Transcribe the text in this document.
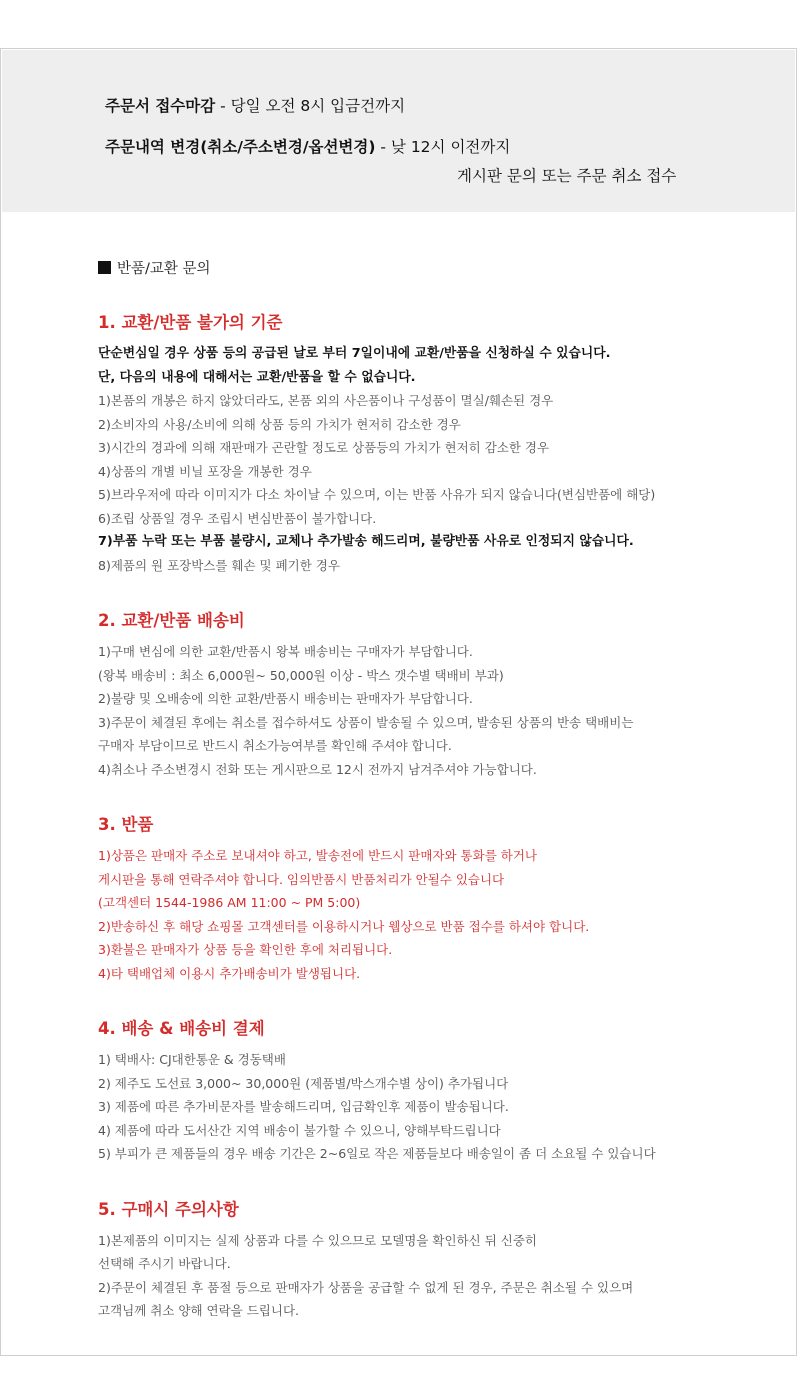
주문서 접수마감 - 당일 오전 8시 입금건까지
주문내역 변경(취소/주소변경/옵션변경) - 낮 12시 이전까지
게시판 문의 또는 주문 취소 접수
반품/교환 문의
1. 교환/반품 불가의 기준
단순변심일 경우 상품 등의 공급된 날로 부터 7일이내에 교환/반품을 신청하실 수 있습니다.
단, 다음의 내용에 대해서는 교환/반품을 할 수 없습니다.
1)본품의 개봉은 하지 않았더라도, 본품 외의 사은품이나 구성품이 멸실/훼손된 경우
2)소비자의 사용/소비에 의해 상품 등의 가치가 현저히 감소한 경우
3)시간의 경과에 의해 재판매가 곤란할 정도로 상품등의 가치가 현저히 감소한 경우
4)상품의 개별 비닐 포장을 개봉한 경우
5)브라우저에 따라 이미지가 다소 차이날 수 있으며, 이는 반품 사유가 되지 않습니다(변심반품에 해당)
6)조립 상품일 경우 조립시 변심반품이 불가합니다.
7)부품 누락 또는 부품 불량시, 교체나 추가발송 해드리며, 불량반품 사유로 인정되지 않습니다.
8)제품의 원 포장박스를 훼손 및 폐기한 경우
2. 교환/반품 배송비
1)구매 변심에 의한 교환/반품시 왕복 배송비는 구매자가 부담합니다.
(왕복 배송비 : 최소 6,000원~ 50,000원 이상 - 박스 갯수별 택배비 부과)
2)불량 및 오배송에 의한 교환/반품시 배송비는 판매자가 부담합니다.
3)주문이 체결된 후에는 취소를 접수하셔도 상품이 발송될 수 있으며, 발송된 상품의 반송 택배비는
구매자 부담이므로 반드시 취소가능여부를 확인해 주셔야 합니다.
4)취소나 주소변경시 전화 또는 게시판으로 12시 전까지 남겨주셔야 가능합니다.
3. 반품
1)상품은 판매자 주소로 보내셔야 하고, 발송전에 반드시 판매자와 통화를 하거나
게시판을 통해 연락주셔야 합니다. 임의반품시 반품처리가 안될수 있습니다
(고객센터 1544-1986 AM 11:00 ~ PM 5:00)
2)반송하신 후 해당 쇼핑몰 고객센터를 이용하시거나 웹상으로 반품 접수를 하셔야 합니다.
3)환불은 판매자가 상품 등을 확인한 후에 처리됩니다.
4)타 택배업체 이용시 추가배송비가 발생됩니다.
4. 배송 & 배송비 결제
1) 택배사: CJ대한통운 & 경동택배
2) 제주도 도선료 3,000~ 30,000원 (제품별/박스개수별 상이) 추가됩니다
3) 제품에 따른 추가비문자를 발송해드리며, 입금확인후 제품이 발송됩니다.
4) 제품에 따라 도서산간 지역 배송이 불가할 수 있으니, 양해부탁드립니다
5) 부피가 큰 제품들의 경우 배송 기간은 2~6일로 작은 제품들보다 배송일이 좀 더 소요될 수 있습니다
5. 구매시 주의사항
1)본제품의 이미지는 실제 상품과 다를 수 있으므로 모델명을 확인하신 뒤 신중히
선택해 주시기 바랍니다.
2)주문이 체결된 후 품절 등으로 판매자가 상품을 공급할 수 없게 된 경우, 주문은 취소될 수 있으며
고객님께 취소 양해 연락을 드립니다.
